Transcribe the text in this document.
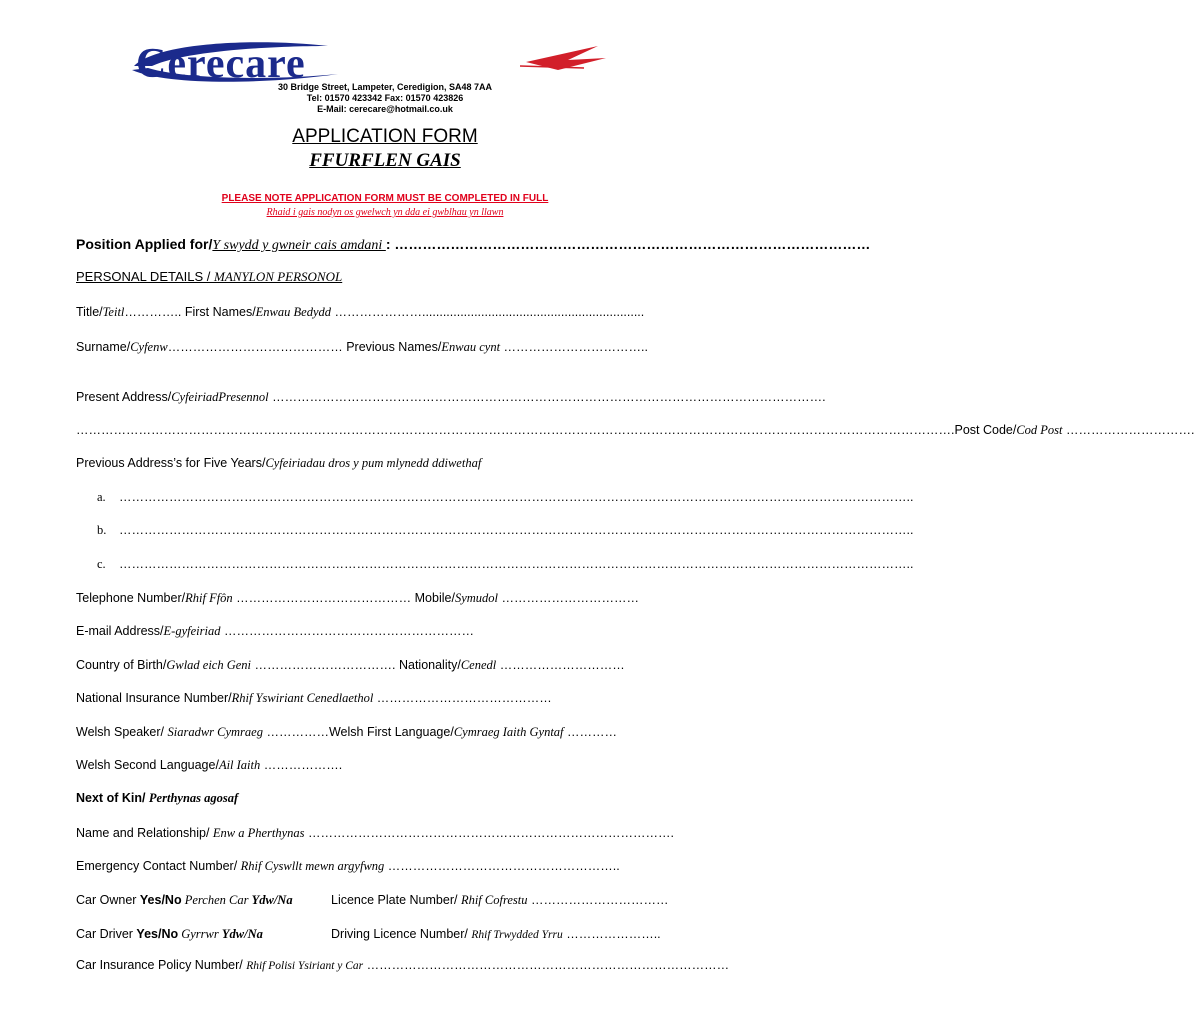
Cerecare
30 Bridge Street, Lampeter, Ceredigion, SA48 7AA
Tel: 01570 423342 Fax: 01570 423826
E-Mail: cerecare@hotmail.co.uk
APPLICATION FORM
FFURFLEN GAIS
PLEASE NOTE APPLICATION FORM MUST BE COMPLETED IN FULL
Rhaid i gais nodyn os gwelwch yn dda ei gwblhau yn llawn
Position Applied for/Y swydd y gwneir cais amdani : …………………………………………………………………………………………
PERSONAL DETAILS / MANYLON PERSONOL
Title/Teitl………….. First Names/Enwau Bedydd …………………................................................................
Surname/Cyfenw…………………………………… Previous Names/Enwau cynt ……………………………..
Present Address/CyfeiriadPresennol …………………………………………………………………………………………………………………….
………………………………………………………………………………………………………………………………………………………………………………………….Post Code/Cod Post ………………………….
Previous Address’s for Five Years/Cyfeiriadau dros y pum mlynedd ddiwethaf
a. ………………………………………………………………………………………………………………………………………………………………………..
b. ………………………………………………………………………………………………………………………………………………………………………..
c. ………………………………………………………………………………………………………………………………………………………………………..
Telephone Number/Rhif Ffôn …………………………………… Mobile/Symudol ……………………………
E-mail Address/E-gyfeiriad ……………………………………………………
Country of Birth/Gwlad eich Geni ……………………………. Nationality/Cenedl …………………………
National Insurance Number/Rhif Yswiriant Cenedlaethol ……………………………………
Welsh Speaker/ Siaradwr Cymraeg ……………Welsh First Language/Cymraeg Iaith Gyntaf …………
Welsh Second Language/Ail Iaith ……………….
Next of Kin/ Perthynas agosaf
Name and Relationship/ Enw a Pherthynas …………………………………………………………………………….
Emergency Contact Number/ Rhif Cyswllt mewn argyfwng ………………………………………………..
Car Owner Yes/No Perchen Car Ydw/Na	Licence Plate Number/ Rhif Cofrestu ……………………………
Car Driver Yes/No Gyrrwr Ydw/Na	Driving Licence Number/ Rhif Trwydded Yrru …………………..
Car Insurance Policy Number/ Rhif Polisi Ysiriant y Car ……………………………………………………………………………
